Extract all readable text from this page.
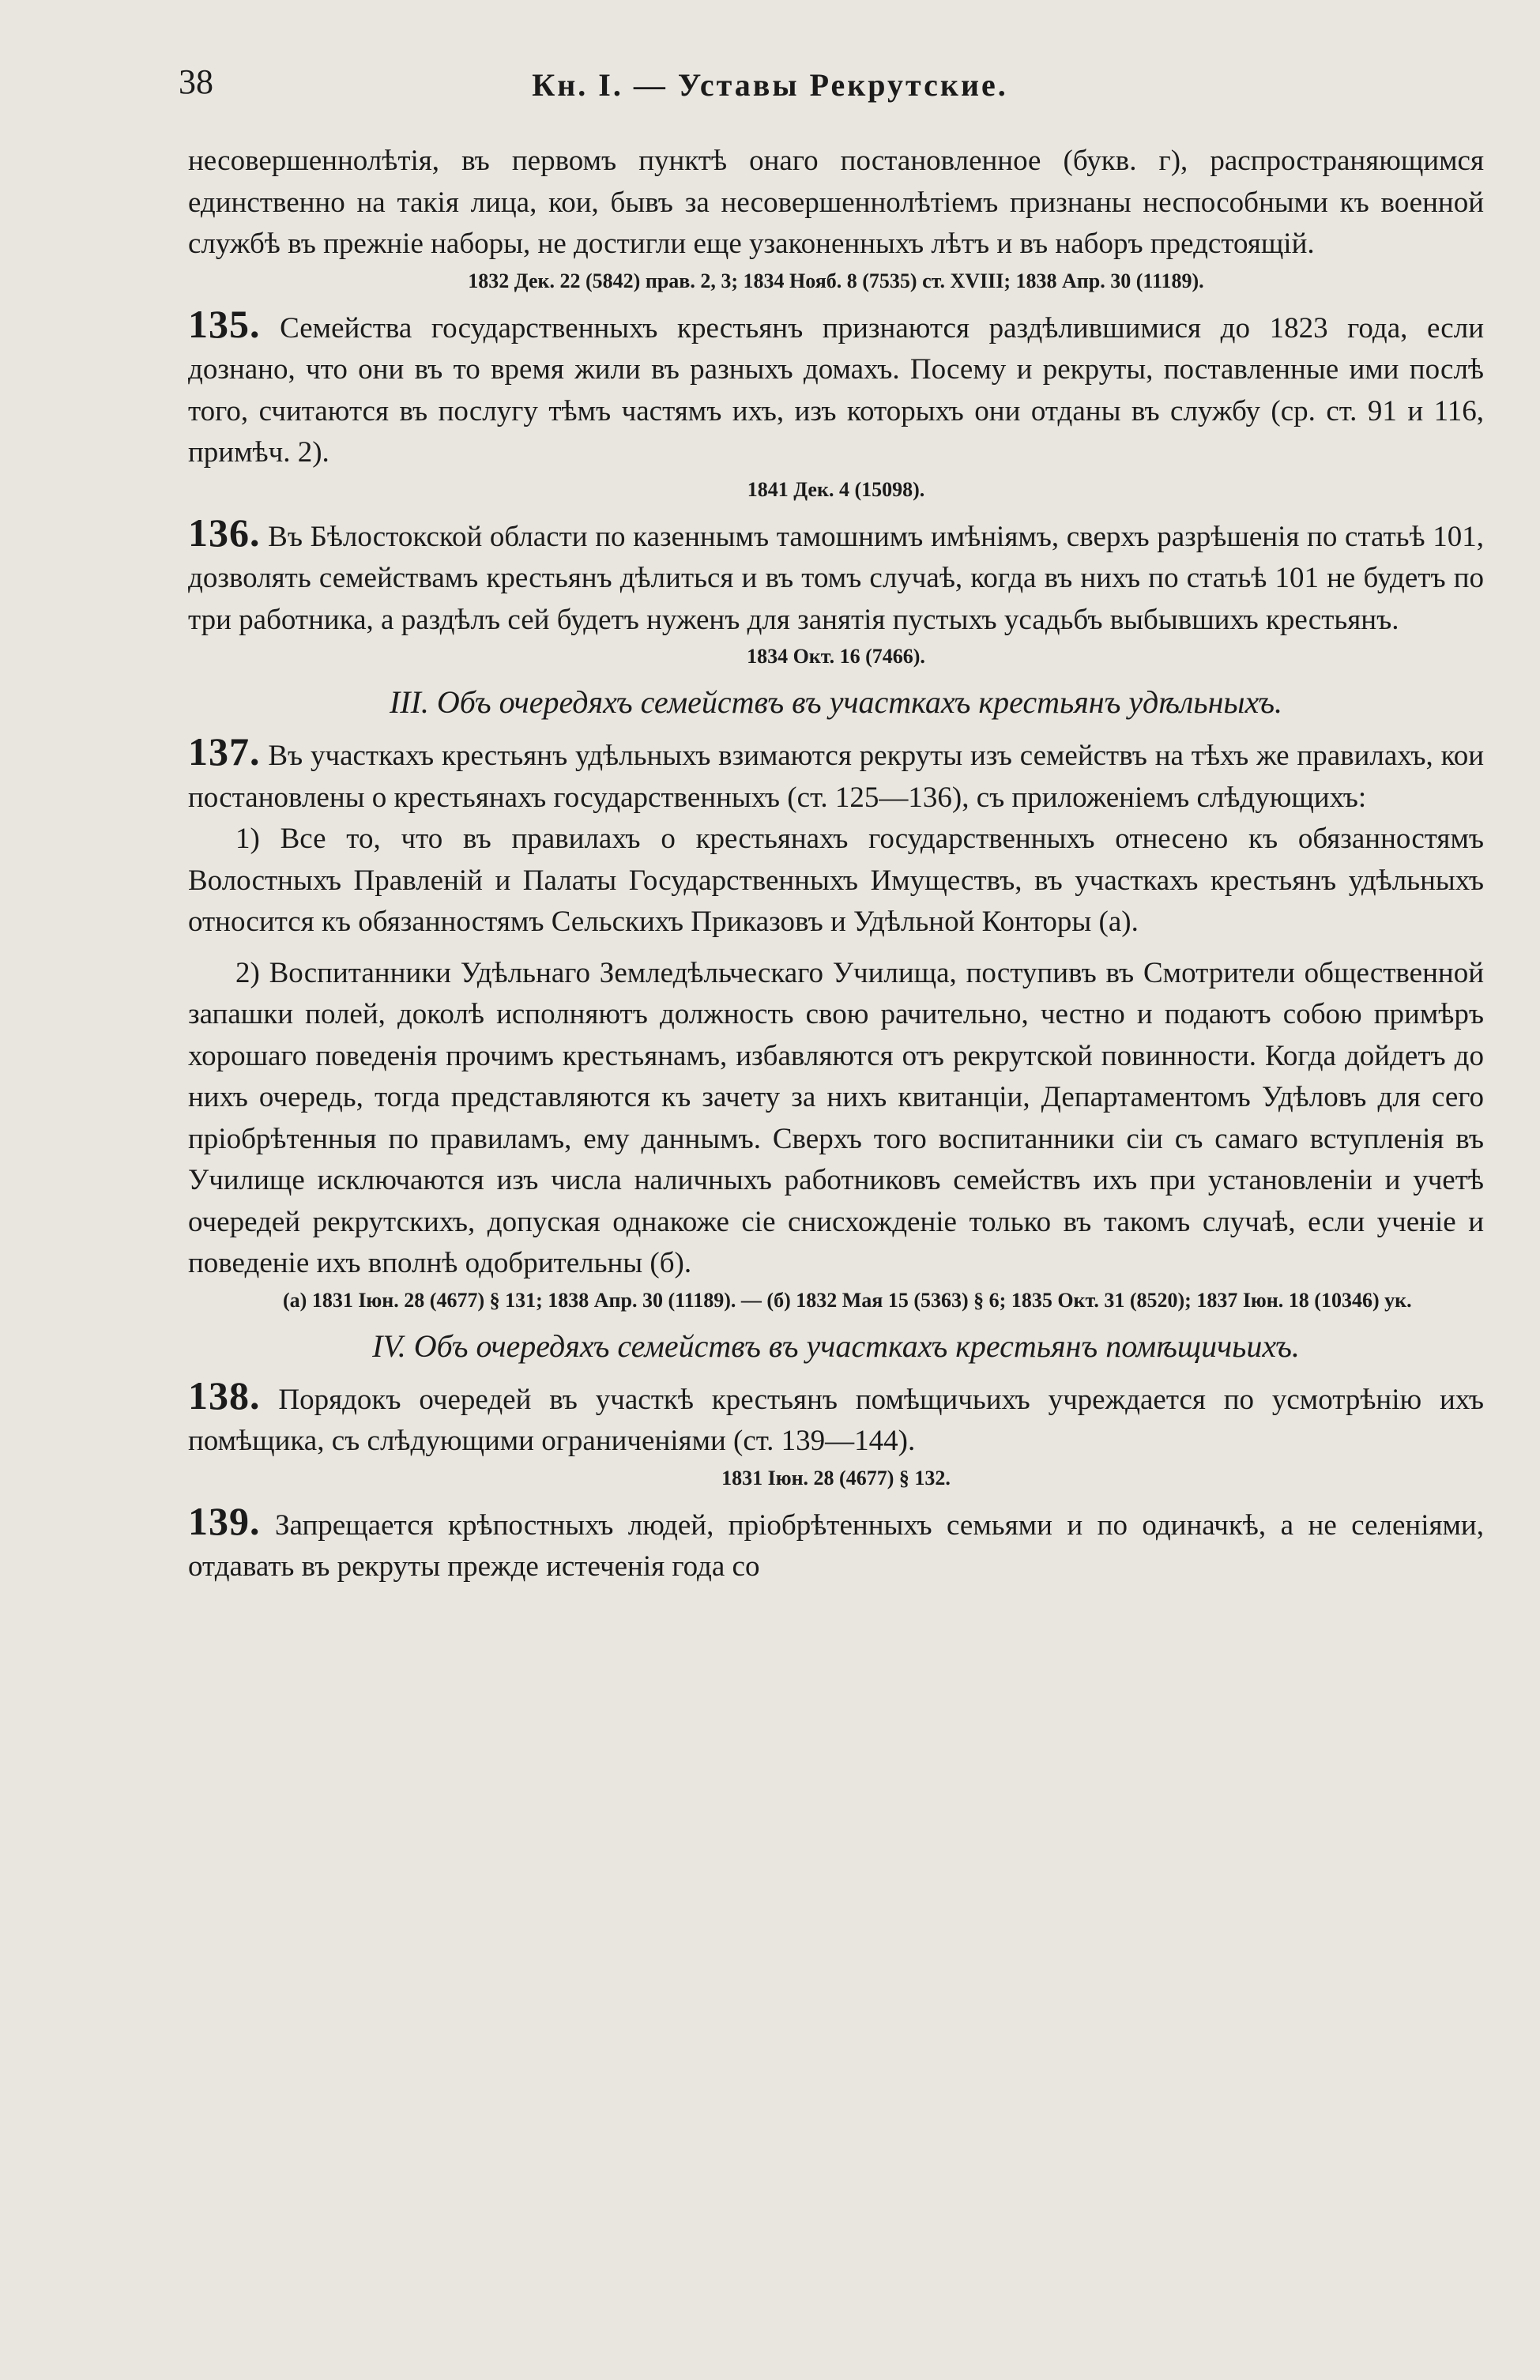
38	Кн. I. — Уставы Рекрутские.

несовершеннолѣтія, въ первомъ пунктѣ онаго постановленное (букв. г), распространяющимся единственно на такія лица, кои, бывъ за несовершеннолѣтіемъ признаны неспособными къ военной службѣ въ прежніе наборы, не достигли еще узаконенныхъ лѣтъ и въ наборъ предстоящій.

1832 Дек. 22 (5842) прав. 2, 3; 1834 Нояб. 8 (7535) ст. XVIII; 1838 Апр. 30 (11189).

135. Семейства государственныхъ крестьянъ признаются раздѣлившимися до 1823 года, если дознано, что они въ то время жили въ разныхъ домахъ. Посему и рекруты, поставленные ими послѣ того, считаются въ послугу тѣмъ частямъ ихъ, изъ которыхъ они отданы въ службу (ср. ст. 91 и 116, примѣч. 2).

1841 Дек. 4 (15098).

136. Въ Бѣлостокской области по казеннымъ тамошнимъ имѣніямъ, сверхъ разрѣшенія по статьѣ 101, дозволять семействамъ крестьянъ дѣлиться и въ томъ случаѣ, когда въ нихъ по статьѣ 101 не будетъ по три работника, а раздѣлъ сей будетъ нуженъ для занятія пустыхъ усадьбъ выбывшихъ крестьянъ.

1834 Окт. 16 (7466).
III. Объ очередяхъ семействъ въ участкахъ крестьянъ удѣльныхъ.

137. Въ участкахъ крестьянъ удѣльныхъ взимаются рекруты изъ семействъ на тѣхъ же правилахъ, кои постановлены о крестьянахъ государственныхъ (ст. 125—136), съ приложеніемъ слѣдующихъ:

1) Все то, что въ правилахъ о крестьянахъ государственныхъ отнесено къ обязанностямъ Волостныхъ Правленій и Палаты Государственныхъ Имуществъ, въ участкахъ крестьянъ удѣльныхъ относится къ обязанностямъ Сельскихъ Приказовъ и Удѣльной Конторы (а).

2) Воспитанники Удѣльнаго Земледѣльческаго Училища, поступивъ въ Смотрители общественной запашки полей, доколѣ исполняютъ должность свою рачительно, честно и подаютъ собою примѣръ хорошаго поведенія прочимъ крестьянамъ, избавляются отъ рекрутской повинности. Когда дойдетъ до нихъ очередь, тогда представляются къ зачету за нихъ квитанціи, Департаментомъ Удѣловъ для сего пріобрѣтенныя по правиламъ, ему даннымъ. Сверхъ того воспитанники сіи съ самаго вступленія въ Училище исключаются изъ числа наличныхъ работниковъ семействъ ихъ при установленіи и учетѣ очередей рекрутскихъ, допуская однакоже сіе снисхожденіе только въ такомъ случаѣ, если ученіе и поведеніе ихъ вполнѣ одобрительны (б).

(а) 1831 Іюн. 28 (4677) § 131; 1838 Апр. 30 (11189). — (б) 1832 Мая 15 (5363) § 6; 1835 Окт. 31 (8520); 1837 Іюн. 18 (10346) ук.
IV. Объ очередяхъ семействъ въ участкахъ крестьянъ помѣщичьихъ.

138. Порядокъ очередей въ участкѣ крестьянъ помѣщичьихъ учреждается по усмотрѣнію ихъ помѣщика, съ слѣдующими ограниченіями (ст. 139—144).

1831 Іюн. 28 (4677) § 132.

139. Запрещается крѣпостныхъ людей, пріобрѣтенныхъ семьями и по одиначкѣ, а не селеніями, отдавать въ рекруты прежде истеченія года со
